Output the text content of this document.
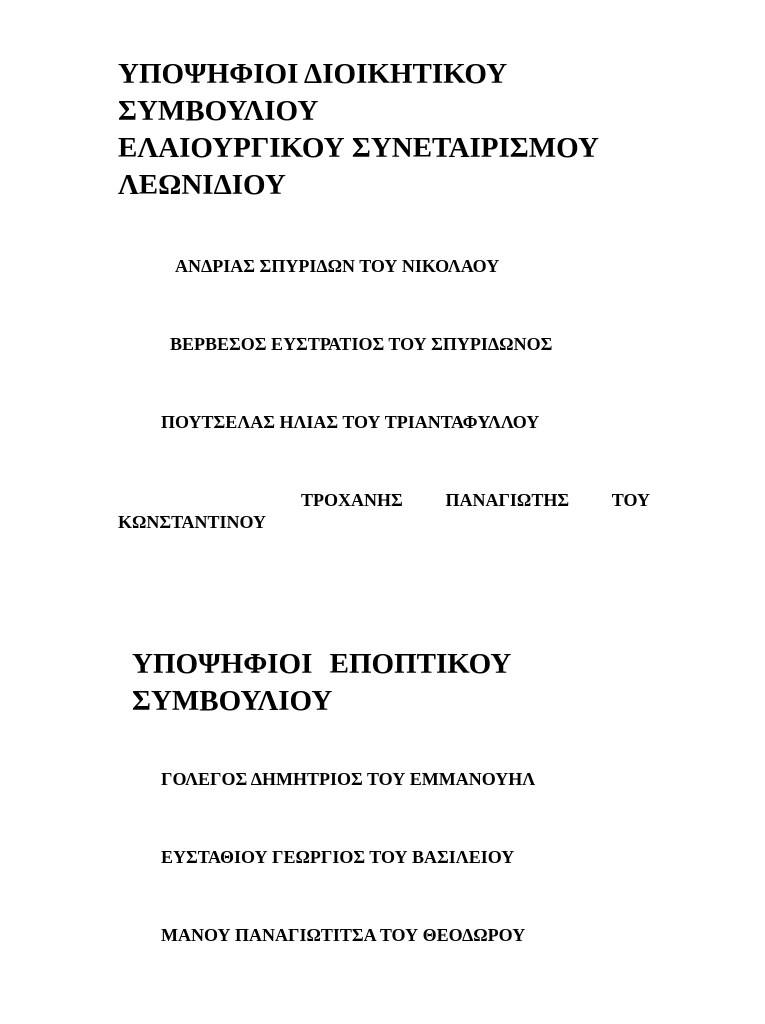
ΥΠΟΨΗΦΙΟΙ ΔΙΟΙΚΗΤΙΚΟΥ
ΣΥΜΒΟΥΛΙΟΥ
ΕΛΑΙΟΥΡΓΙΚΟΥ ΣΥΝΕΤΑΙΡΙΣΜΟΥ
ΛΕΩΝΙΔΙΟΥ

ΑΝΔΡΙΑΣ ΣΠΥΡΙΔΩΝ ΤΟΥ ΝΙΚΟΛΑΟΥ

ΒΕΡΒΕΣΟΣ ΕΥΣΤΡΑΤΙΟΣ ΤΟΥ ΣΠΥΡΙΔΩΝΟΣ

ΠΟΥΤΣΕΛΑΣ ΗΛΙΑΣ ΤΟΥ ΤΡΙΑΝΤΑΦΥΛΛΟΥ

ΤΡΟΧΑΝΗΣ ΠΑΝΑΓΙΩΤΗΣ ΤΟΥ
ΚΩΝΣΤΑΝΤΙΝΟΥ
ΥΠΟΨΗΦΙΟΙ ΕΠΟΠΤΙΚΟΥ
ΣΥΜΒΟΥΛΙΟΥ

ΓΟΛΕΓΟΣ ΔΗΜΗΤΡΙΟΣ ΤΟΥ ΕΜΜΑΝΟΥΗΛ

ΕΥΣΤΑΘΙΟΥ ΓΕΩΡΓΙΟΣ ΤΟΥ ΒΑΣΙΛΕΙΟΥ

ΜΑΝΟΥ ΠΑΝΑΓΙΩΤΙΤΣΑ ΤΟΥ ΘΕΟΔΩΡΟΥ
